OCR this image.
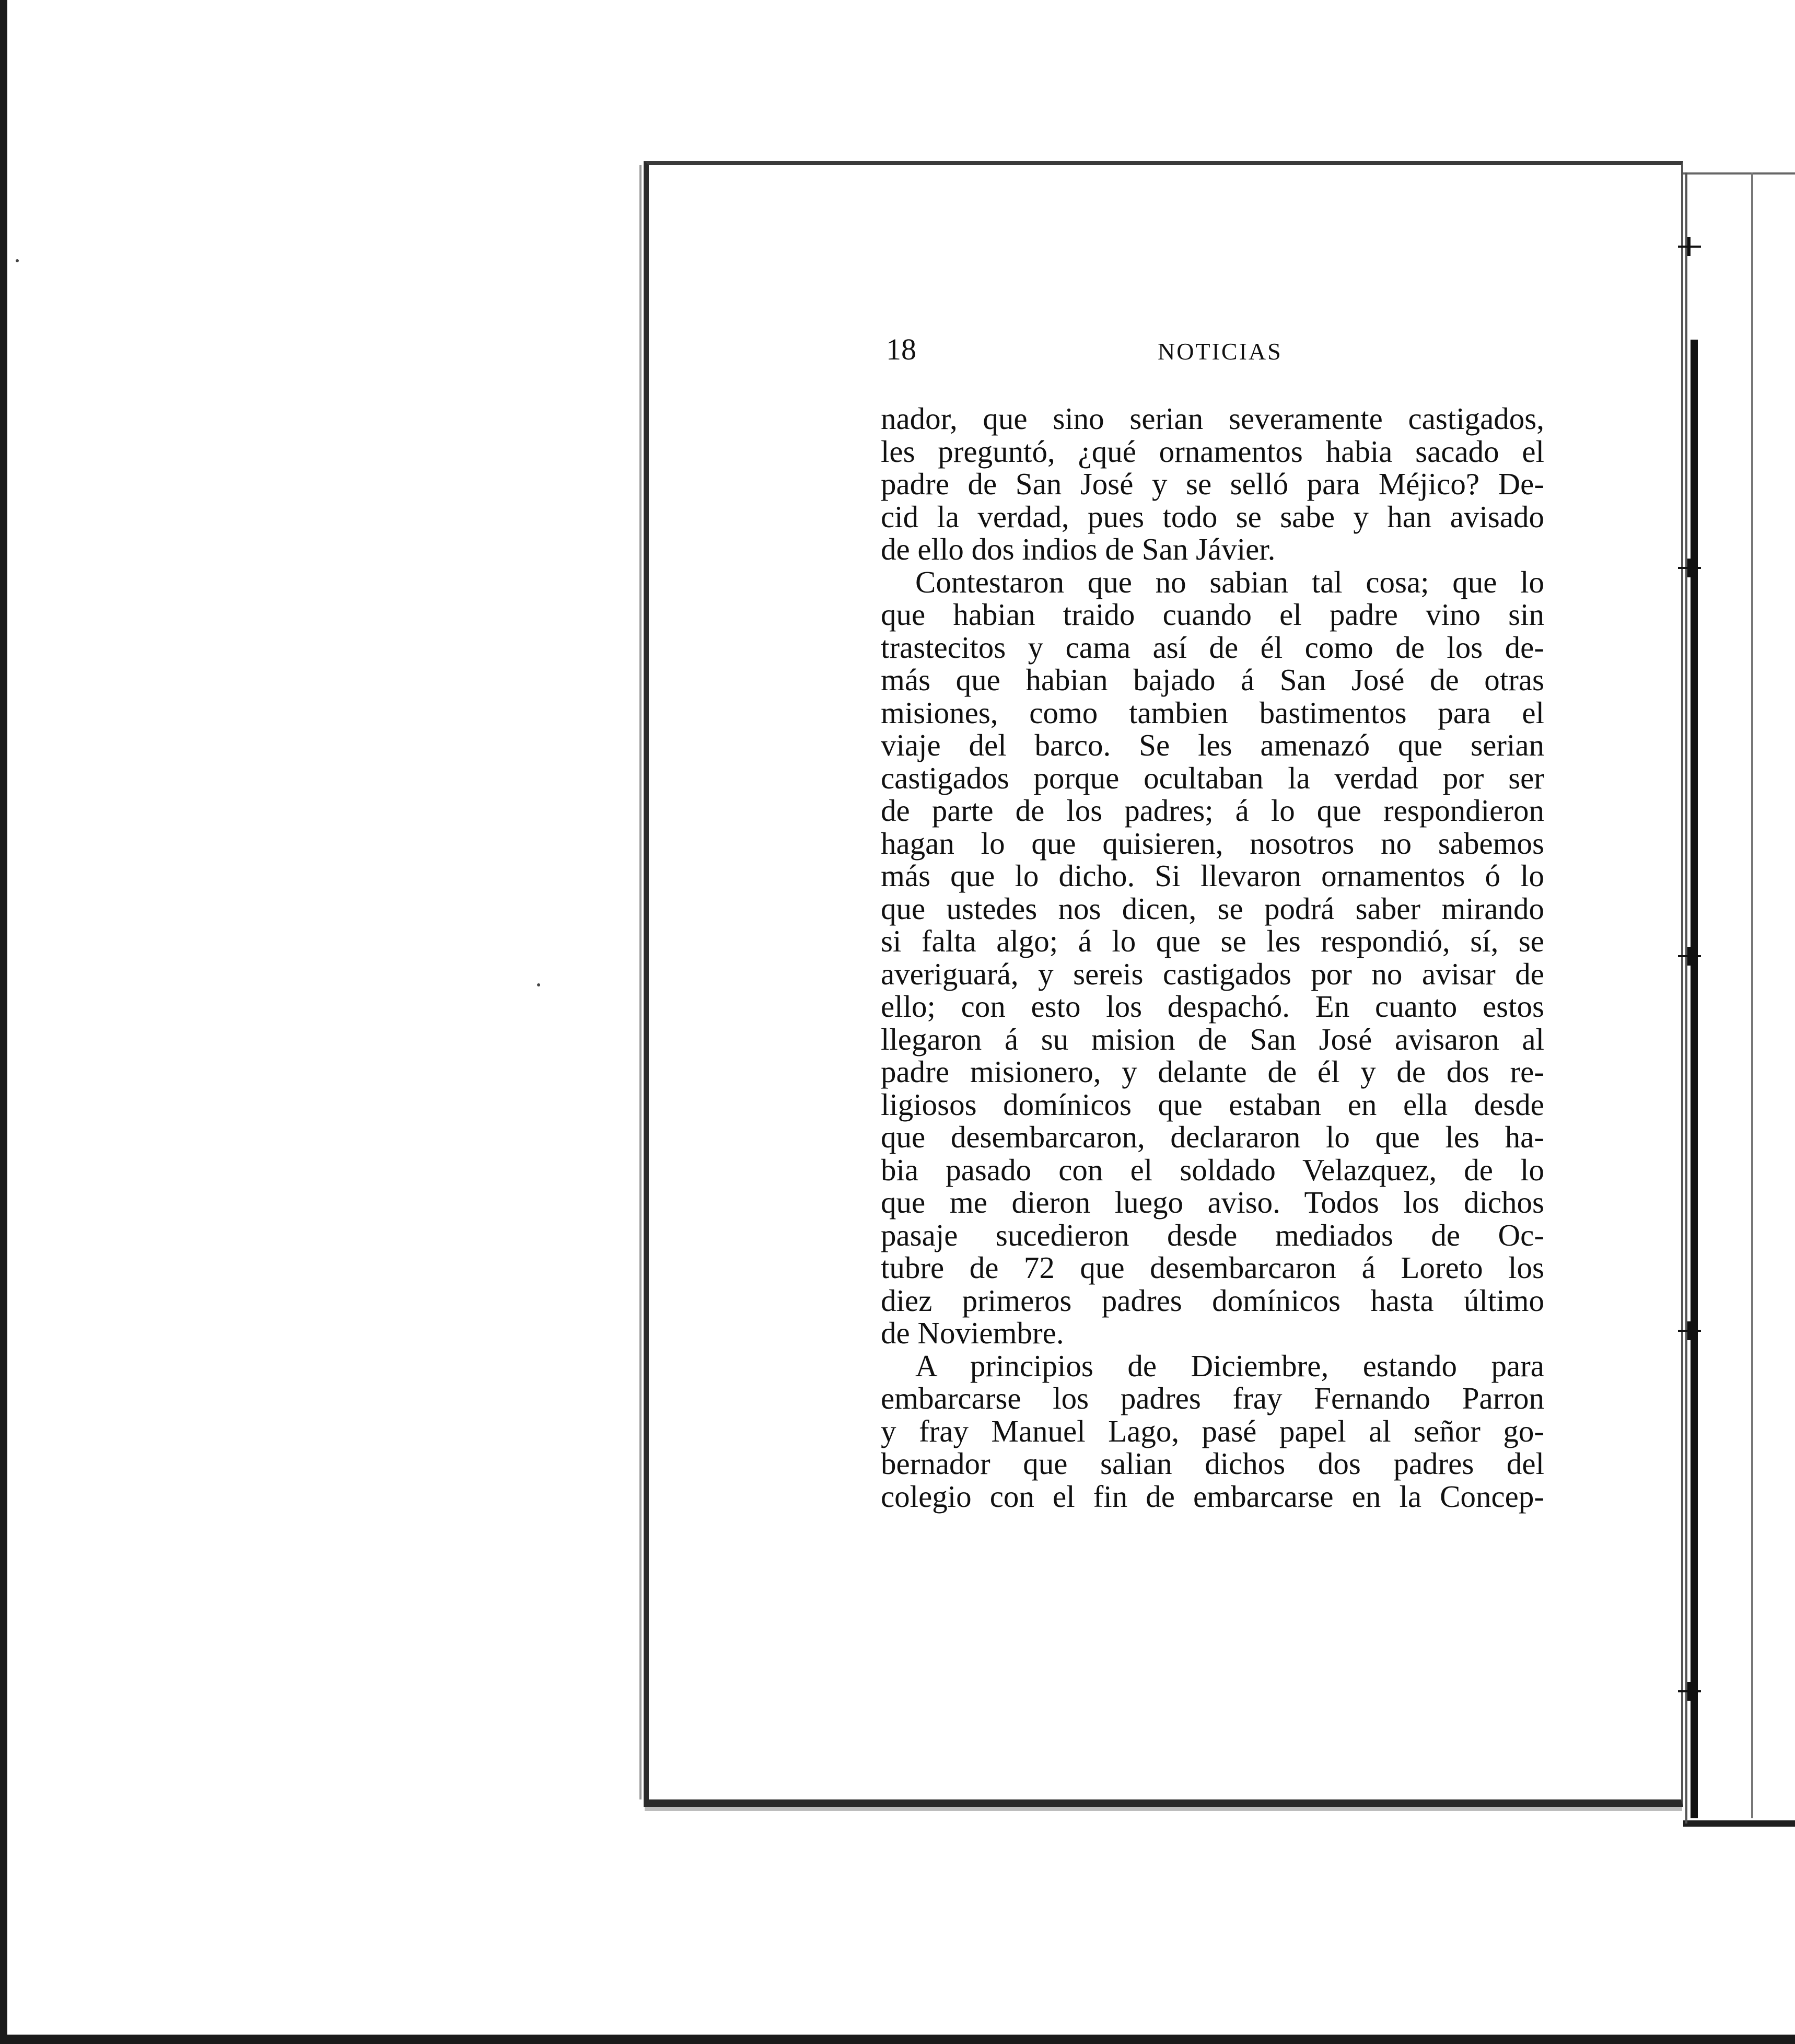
18	NOTICIAS
nador, que sino serian severamente castigados,
les preguntó, ¿qué ornamentos habia sacado el
padre de San José y se selló para Méjico? De-
cid la verdad, pues todo se sabe y han avisado
de ello dos indios de San Jávier.
Contestaron que no sabian tal cosa; que lo
que habian traido cuando el padre vino sin
trastecitos y cama así de él como de los de-
más que habian bajado á San José de otras
misiones, como tambien bastimentos para el
viaje del barco. Se les amenazó que serian
castigados porque ocultaban la verdad por ser
de parte de los padres; á lo que respondieron
hagan lo que quisieren, nosotros no sabemos
más que lo dicho. Si llevaron ornamentos ó lo
que ustedes nos dicen, se podrá saber mirando
si falta algo; á lo que se les respondió, sí, se
averiguará, y sereis castigados por no avisar de
ello; con esto los despachó. En cuanto estos
llegaron á su mision de San José avisaron al
padre misionero, y delante de él y de dos re-
ligiosos domínicos que estaban en ella desde
que desembarcaron, declararon lo que les ha-
bia pasado con el soldado Velazquez, de lo
que me dieron luego aviso. Todos los dichos
pasaje sucedieron desde mediados de Oc-
tubre de 72 que desembarcaron á Loreto los
diez primeros padres domínicos hasta último
de Noviembre.
A principios de Diciembre, estando para
embarcarse los padres fray Fernando Parron
y fray Manuel Lago, pasé papel al señor go-
bernador que salian dichos dos padres del
colegio con el fin de embarcarse en la Concep-
